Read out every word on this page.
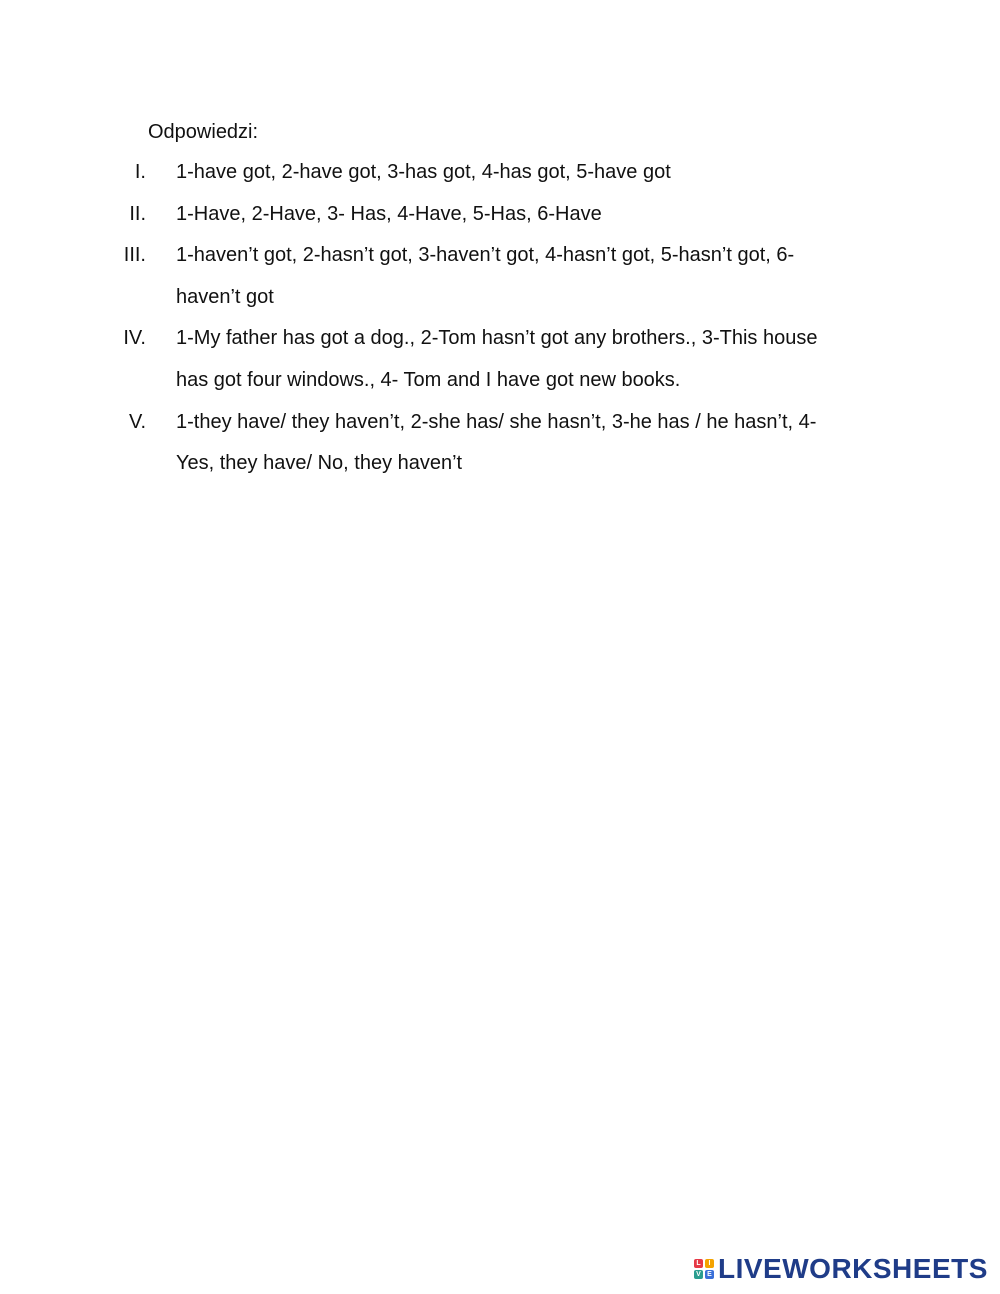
Odpowiedzi:

I.	1-have got, 2-have got, 3-has got, 4-has got, 5-have got
II.	1-Have, 2-Have, 3- Has, 4-Have, 5-Has, 6-Have
III.	1-haven’t got, 2-hasn’t got, 3-haven’t got, 4-hasn’t got, 5-hasn’t got, 6-haven’t got
IV.	1-My father has got a dog., 2-Tom hasn’t got any brothers., 3-This house has got four windows., 4- Tom and I have got new books.
V.	1-they have/ they haven’t, 2-she has/ she hasn’t, 3-he has / he hasn’t, 4-Yes, they have/ No, they haven’t
L	I
V E LIVEWORKSHEETS
